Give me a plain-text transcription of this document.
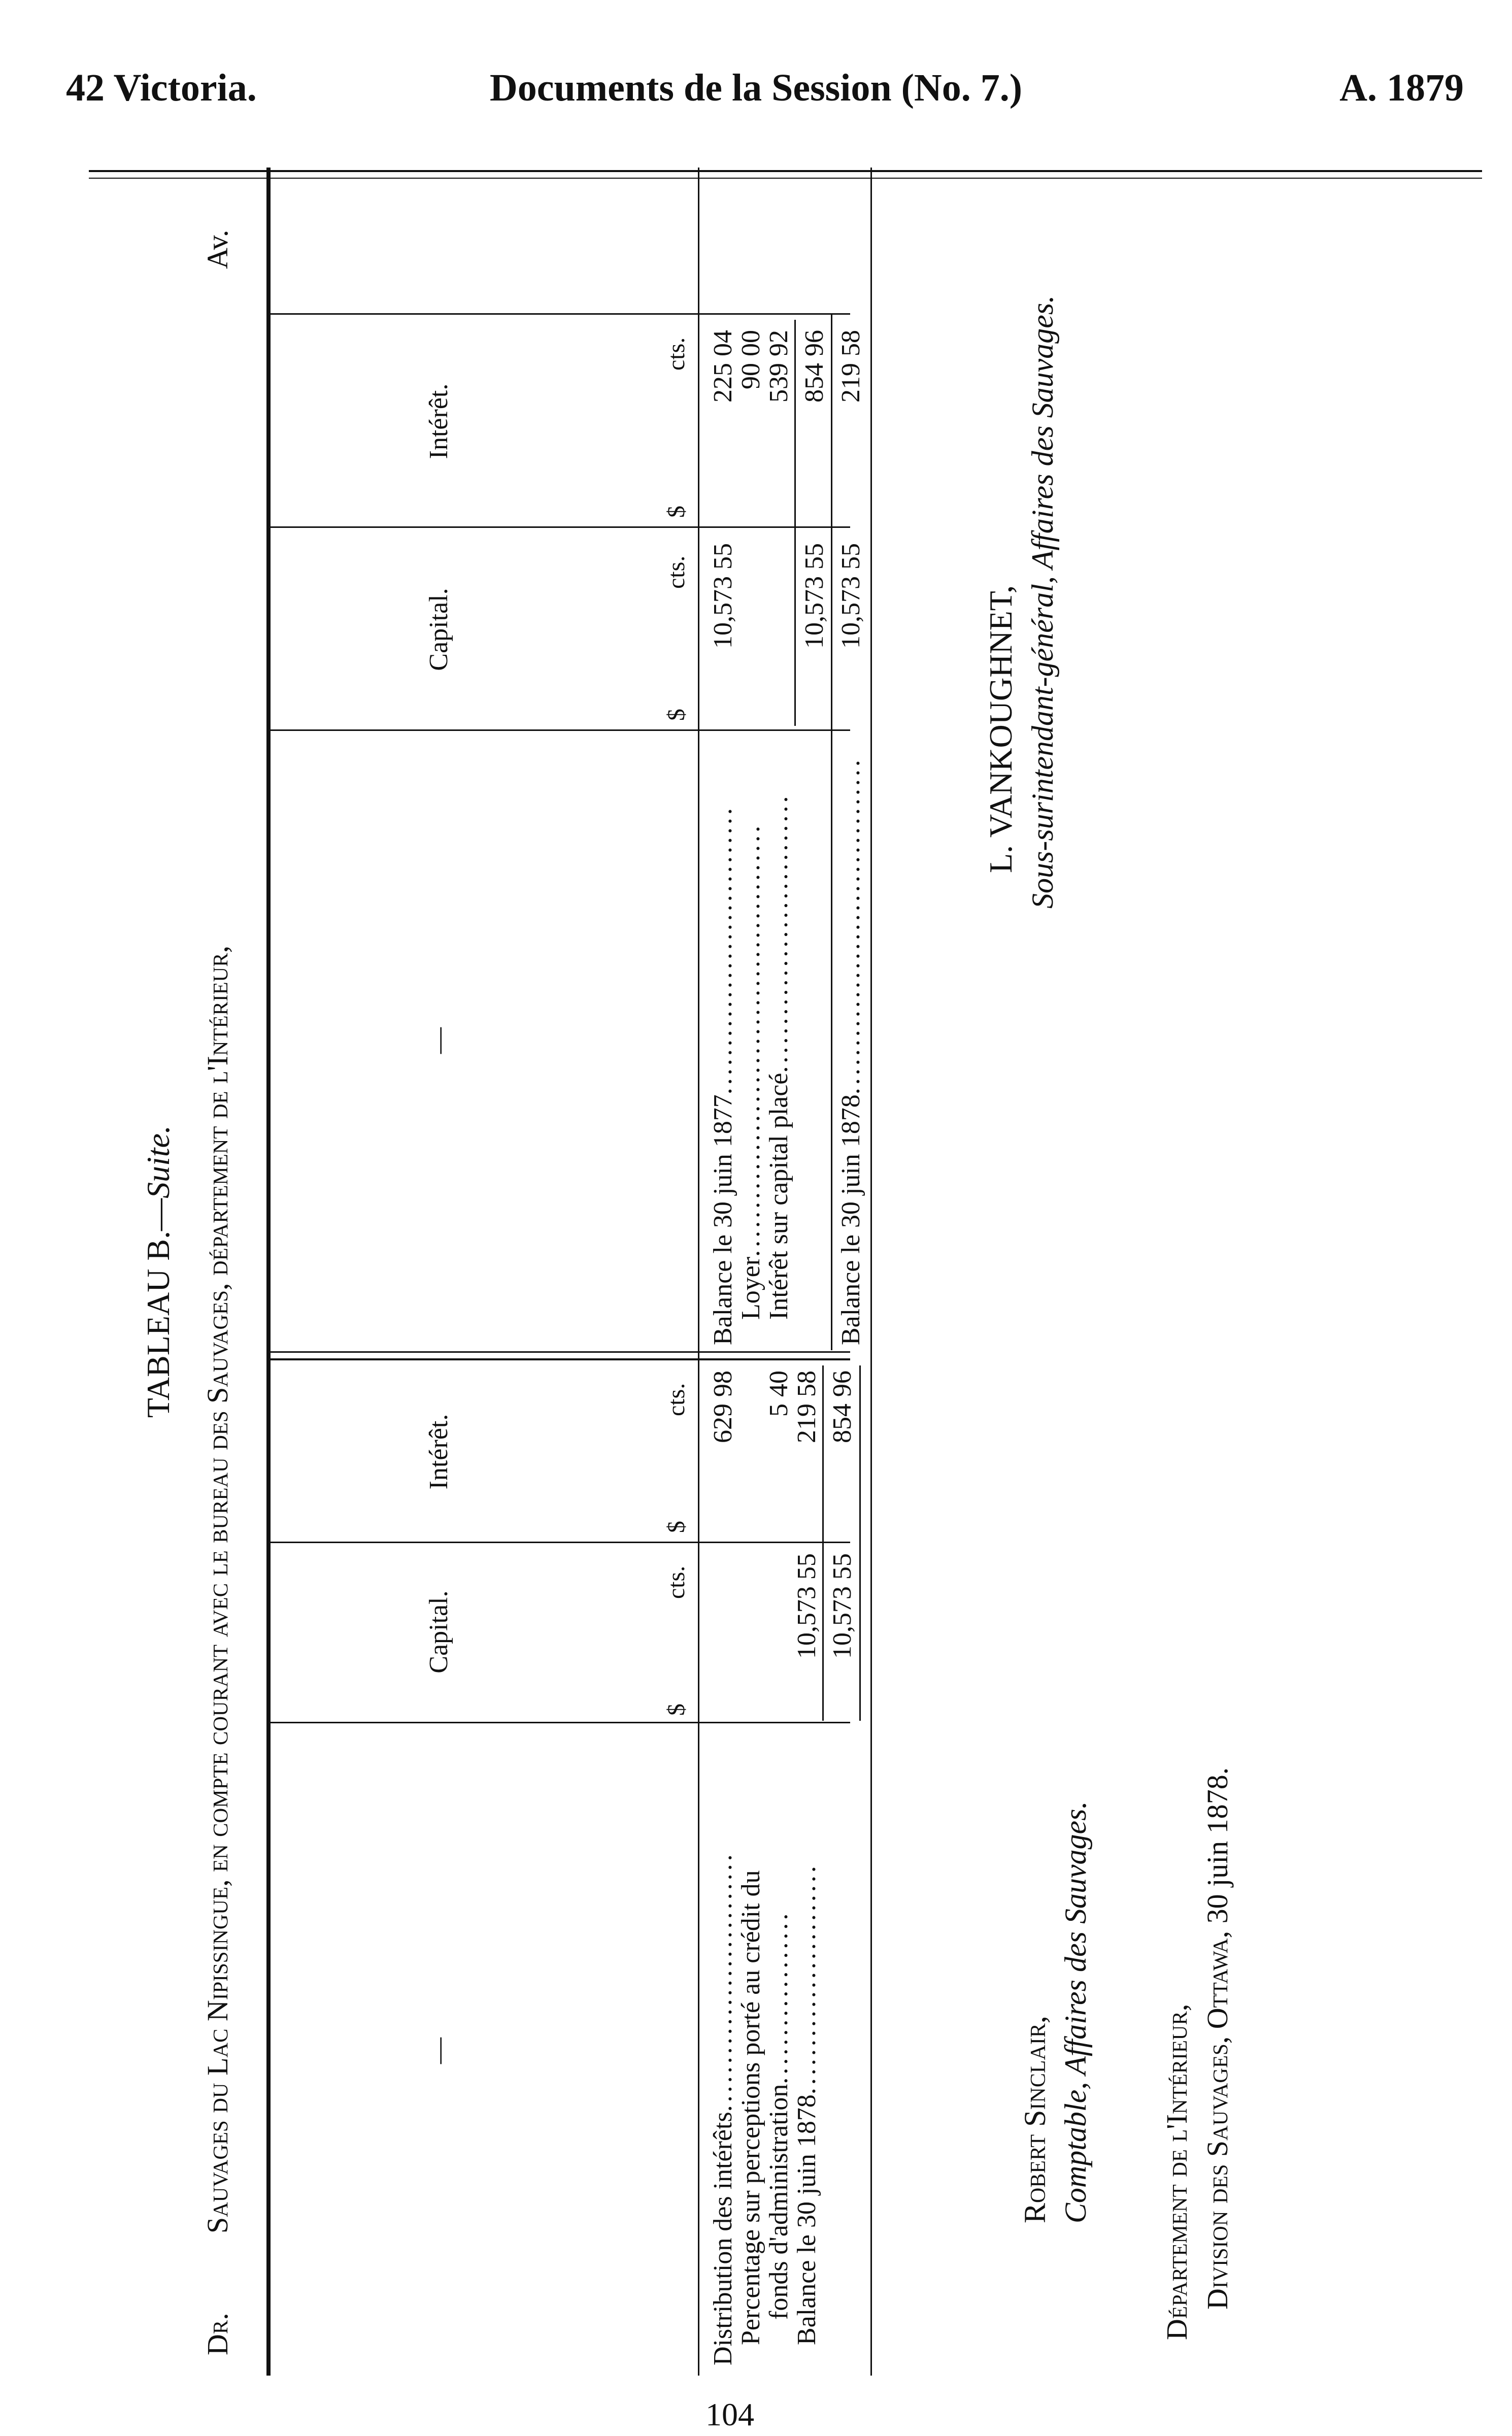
42 Victoria.	Documents de la Session (No. 7.)	A. 1879
TABLEAU B.—Suite.
Dr.
Sauvages du Lac Nipissingue, en compte courant avec le bureau des Sauvages, département de l'Intérieur,
Av.
—
Capital.
Intérêt.
$
cts.
$
cts.
Distribution des intérêts...........................
629 98
Percentage sur perceptions porté au crédit du
fonds d'administration..................
5 40
Balance le 30 juin 1878........................
10,573 55
219 58
10,573 55
854 96
—
Capital.
Intérêt.
$
cts.
$
cts.
Balance le 30 juin 1877..............................
10,573 55
225 04
Loyer.............................................
90 00
Intérêt sur capital placé.............................
539 92
10,573 55
854 96
Balance le 30 juin 1878...................................
10,573 55
219 58
Robert Sinclair, Comptable, Affaires des Sauvages.
L. VANKOUGHNET, Sous-surintendant-général, Affaires des Sauvages.
Département de l'Intérieur, Division des Sauvages, Ottawa, 30 juin 1878.
104
